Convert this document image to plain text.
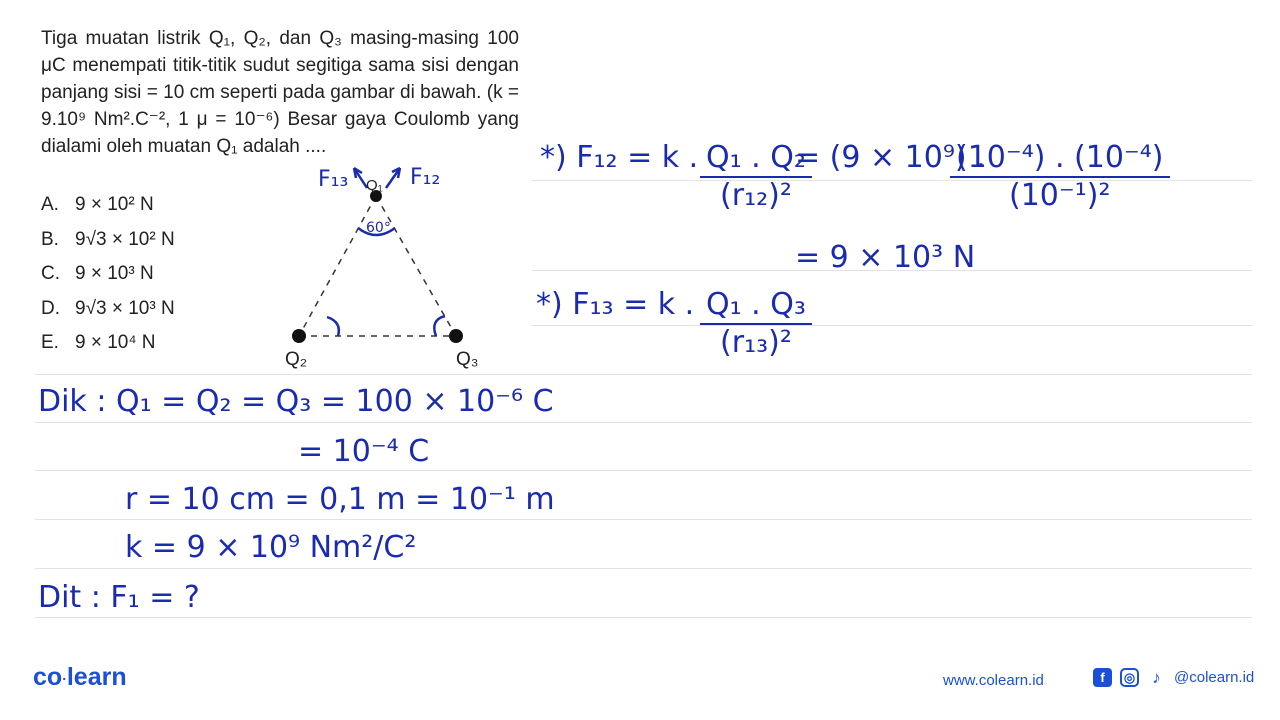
Tiga muatan listrik Q₁, Q₂, dan Q₃ masing-masing 100 μC menempati titik-titik sudut segitiga sama sisi dengan panjang sisi = 10 cm seperti pada gambar di bawah. (k = 9.10⁹ Nm².C⁻², 1 μ = 10⁻⁶) Besar gaya Coulomb yang dialami oleh muatan Q₁ adalah ....

A. 9 × 10² N
B. 9√3 × 10² N
C. 9 × 10³ N
D. 9√3 × 10³ N
E. 9 × 10⁴ N
Q₁
Q₂	Q₃
60°
F₁₃	F₁₂
*) F₁₂ = k . $\frac{\text{Q₁ . Q₂}}{\text{(r₁₂)²}}$
= (9 × 10⁹) .
$\frac{\text{(10⁻⁴) . (10⁻⁴)}}{\text{(10⁻¹)²}}$
= 9 × 10³ N
*) F₁₃ = k . $\frac{\text{Q₁ . Q₃}}{\text{(r₁₃)²}}$
Dik : Q₁ = Q₂ = Q₃ = 100 × 10⁻⁶ C
= 10⁻⁴ C
r = 10 cm = 0,1 m = 10⁻¹ m
k = 9 × 10⁹ Nm²/C²
Dit : F₁ = ?
co·learn	www.colearn.id	f	◎	♪ @colearn.id
